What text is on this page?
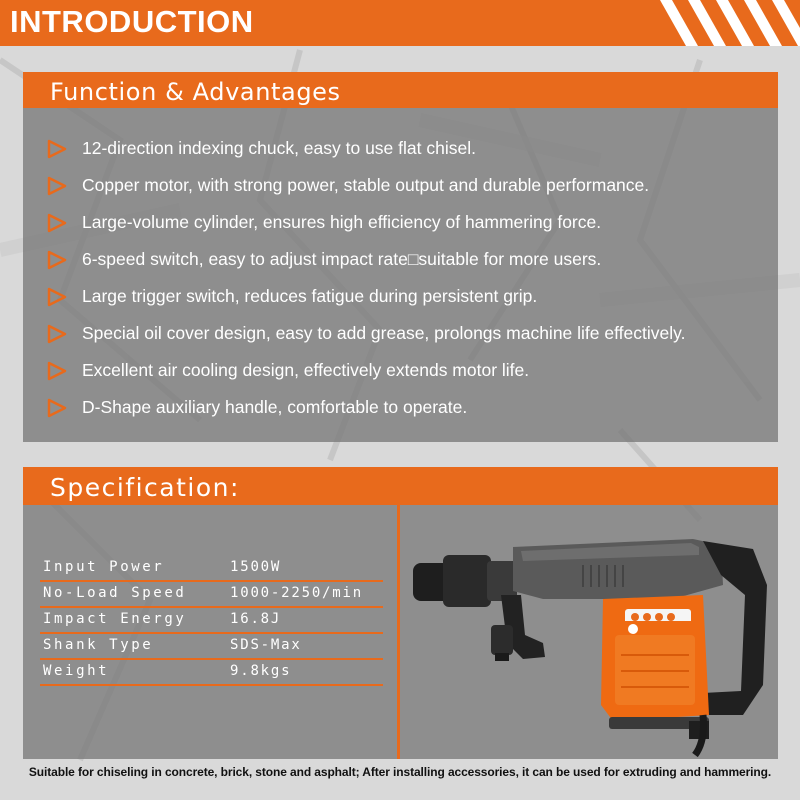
INTRODUCTION
Function & Advantages
12-direction indexing chuck, easy to use flat chisel.
Copper motor, with strong power, stable output and durable performance.
Large-volume cylinder, ensures high efficiency of hammering force.
6-speed switch, easy to adjust impact rate□suitable for more users.
Large trigger switch, reduces fatigue during persistent grip.
Special oil cover design, easy to add grease, prolongs machine life effectively.
Excellent air cooling design, effectively extends motor life.
D-Shape auxiliary handle, comfortable to operate.
Specification:
Input Power	1500W
No-Load Speed	1000-2250/min
Impact Energy	16.8J
Shank Type	SDS-Max
Weight	9.8kgs
Suitable for chiseling in concrete, brick, stone and asphalt; After installing accessories, it can be used for extruding and hammering.
